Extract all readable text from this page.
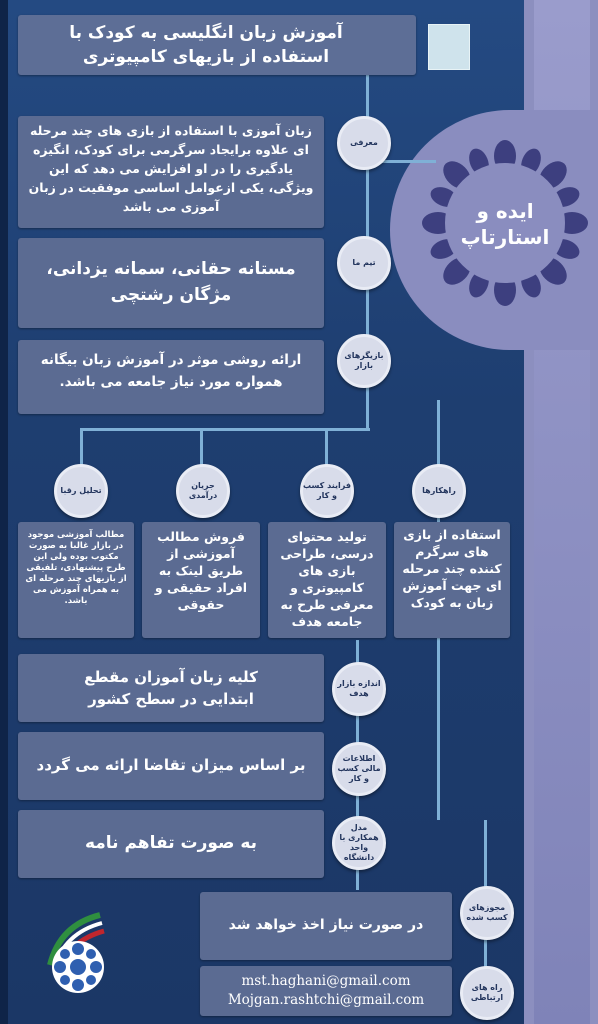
آموزش زبان انگلیسی به کودک با
استفاده از بازیهای کامپیوتری
ایده و
استارتاپ
زبان آموزی با استفاده از بازی های چند مرحله ای علاوه برایجاد سرگرمی برای کودک، انگیزه یادگیری را در او افزایش می دهد که این ویژگی، یکی ازعوامل اساسی موفقیت در زبان آموزی می باشد
معرفی
مستانه حقانی، سمانه یزدانی،
مژگان رشتچی
تیم ما
ارائه روشی موثر در آموزش زبان بیگانه همواره مورد نیاز جامعه می باشد.
بازیگرهای بازار
راهکارها
فرایند کسب و کار
جریان درآمدی
تحلیل رقبا
استفاده از بازی های سرگرم کننده چند مرحله ای جهت آموزش زبان به کودک
تولید محتوای درسی، طراحی بازی های کامپیوتری و معرفی طرح به جامعه هدف
فروش مطالب آموزشی از طریق لینک به افراد حقیقی و حقوقی
مطالب آموزشی موجود در بازار غالبا به صورت مکتوب بوده ولی این طرح پیشنهادی، تلفیقی از بازیهای چند مرحله ای به همراه آموزش می باشد.
کلیه زبان آموزان مقطع
ابتدایی در سطح کشور
اندازه بازار هدف
بر اساس میزان تقاضا ارائه می گردد	اطلاعات مالی کسب و کار
به صورت تفاهم نامه
مدل همکاری با واحد دانشگاه
در صورت نیاز اخذ خواهد شد
مجوزهای کسب شده
mst.haghani@gmail.com
Mojgan.rashtchi@gmail.com
راه های ارتباطی
